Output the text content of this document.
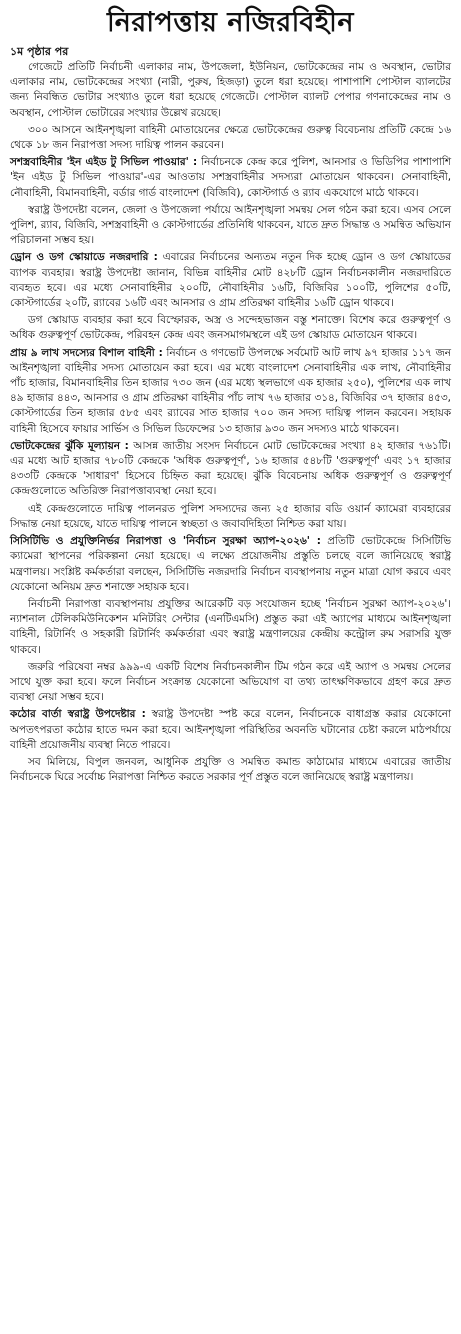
নিরাপত্তায় নজিরবিহীন
১ম পৃষ্ঠার পর

গেজেটে প্রতিটি নির্বাচনী এলাকার নাম, উপজেলা, ইউনিয়ন, ভোটকেন্দ্রের নাম ও অবস্থান, ভোটার এলাকার নাম, ভোটকেন্দ্রের সংখ্যা (নারী, পুরুষ, হিজড়া) তুলে ধরা হয়েছে। পাশাপাশি পোস্টাল ব্যালটের জন্য নিবন্ধিত ভোটার সংখ্যাও তুলে ধরা হয়েছে গেজেটে। পোস্টাল ব্যালট পেপার গণনাকেন্দ্রের নাম ও অবস্থান, পোস্টাল ভোটারের সংখ্যার উল্লেখ রয়েছে।

৩০০ আসনে আইনশৃঙ্খলা বাহিনী মোতায়েনের ক্ষেত্রে ভোটকেন্দ্রের গুরুত্ব বিবেচনায় প্রতিটি কেন্দ্রে ১৬ থেকে ১৮ জন নিরাপত্তা সদস্য দায়িত্ব পালন করবেন।

সশস্ত্রবাহিনীর 'ইন এইড টু সিভিল পাওয়ার' : নির্বাচনকে কেন্দ্র করে পুলিশ, আনসার ও ভিডিপির পাশাপাশি 'ইন এইড টু সিভিল পাওয়ার'-এর আওতায় সশস্ত্রবাহিনীর সদস্যরা মোতায়েন থাকবেন। সেনাবাহিনী, নৌবাহিনী, বিমানবাহিনী, বর্ডার গার্ড বাংলাদেশ (বিজিবি), কোস্টগার্ড ও র‌্যাব একযোগে মাঠে থাকবে।

স্বরাষ্ট্র উপদেষ্টা বলেন, জেলা ও উপজেলা পর্যায়ে আইনশৃঙ্খলা সমন্বয় সেল গঠন করা হবে। এসব সেলে পুলিশ, র‌্যাব, বিজিবি, সশস্ত্রবাহিনী ও কোস্টগার্ডের প্রতিনিধি থাকবেন, যাতে দ্রুত সিদ্ধান্ত ও সমন্বিত অভিযান পরিচালনা সম্ভব হয়।

ড্রোন ও ডগ স্কোয়াডে নজরদারি : এবারের নির্বাচনের অন্যতম নতুন দিক হচ্ছে ড্রোন ও ডগ স্কোয়াডের ব্যাপক ব্যবহার। স্বরাষ্ট্র উপদেষ্টা জানান, বিভিন্ন বাহিনীর মোট ৪২৮টি ড্রোন নির্বাচনকালীন নজরদারিতে ব্যবহৃত হবে। এর মধ্যে সেনাবাহিনীর ২০০টি, নৌবাহিনীর ১৬টি, বিজিবির ১০০টি, পুলিশের ৫০টি, কোস্টগার্ডের ২০টি, র‌্যাবের ১৬টি এবং আনসার ও গ্রাম প্রতিরক্ষা বাহিনীর ১৬টি ড্রোন থাকবে।

ডগ স্কোয়াড ব্যবহার করা হবে বিস্ফোরক, অস্ত্র ও সন্দেহভাজন বস্তু শনাক্তে। বিশেষ করে গুরুত্বপূর্ণ ও অধিক গুরুত্বপূর্ণ ভোটকেন্দ্র, পরিবহন কেন্দ্র এবং জনসমাগমস্থলে এই ডগ স্কোয়াড মোতায়েন থাকবে।

প্রায় ৯ লাখ সদস্যের বিশাল বাহিনী : নির্বাচন ও গণভোট উপলক্ষে সর্বমোট আট লাখ ৯৭ হাজার ১১৭ জন আইনশৃঙ্খলা বাহিনীর সদস্য মোতায়েন করা হবে। এর মধ্যে বাংলাদেশ সেনাবাহিনীর এক লাখ, নৌবাহিনীর পাঁচ হাজার, বিমানবাহিনীর তিন হাজার ৭৩০ জন (এর মধ্যে স্থলভাগে এক হাজার ২৫০), পুলিশের এক লাখ ৪৯ হাজার ৪৪৩, আনসার ও গ্রাম প্রতিরক্ষা বাহিনীর পাঁচ লাখ ৭৬ হাজার ৩১৪, বিজিবির ৩৭ হাজার ৪৫৩, কোস্টগার্ডের তিন হাজার ৫৮৫ এবং র‌্যাবের সাত হাজার ৭০০ জন সদস্য দায়িত্ব পালন করবেন। সহায়ক বাহিনী হিসেবে ফায়ার সার্ভিস ও সিভিল ডিফেন্সের ১৩ হাজার ৯৩০ জন সদস্যও মাঠে থাকবেন।

ভোটকেন্দ্রের ঝুঁকি মূল্যায়ন : আসন্ন জাতীয় সংসদ নির্বাচনে মোট ভোটকেন্দ্রের সংখ্যা ৪২ হাজার ৭৬১টি। এর মধ্যে আট হাজার ৭৮০টি কেন্দ্রকে 'অধিক গুরুত্বপূর্ণ', ১৬ হাজার ৫৪৮টি 'গুরুত্বপূর্ণ' এবং ১৭ হাজার ৪৩৩টি কেন্দ্রকে 'সাধারণ' হিসেবে চিহ্নিত করা হয়েছে। ঝুঁকি বিবেচনায় অধিক গুরুত্বপূর্ণ ও গুরুত্বপূর্ণ কেন্দ্রগুলোতে অতিরিক্ত নিরাপত্তাব্যবস্থা নেয়া হবে।

এই কেন্দ্রগুলোতে দায়িত্ব পালনরত পুলিশ সদস্যদের জন্য ২৫ হাজার বডি ওয়ার্ন ক্যামেরা ব্যবহারের সিদ্ধান্ত নেয়া হয়েছে, যাতে দায়িত্ব পালনে স্বচ্ছতা ও জবাবদিহিতা নিশ্চিত করা যায়।

সিসিটিভি ও প্রযুক্তিনির্ভর নিরাপত্তা ও 'নির্বাচন সুরক্ষা অ্যাপ-২০২৬' : প্রতিটি ভোটকেন্দ্রে সিসিটিভি ক্যামেরা স্থাপনের পরিকল্পনা নেয়া হয়েছে। এ লক্ষ্যে প্রয়োজনীয় প্রস্তুতি চলছে বলে জানিয়েছে স্বরাষ্ট্র মন্ত্রণালয়। সংশ্লিষ্ট কর্মকর্তারা বলছেন, সিসিটিভি নজরদারি নির্বাচন ব্যবস্থাপনায় নতুন মাত্রা যোগ করবে এবং যেকোনো অনিয়ম দ্রুত শনাক্তে সহায়ক হবে।

নির্বাচনী নিরাপত্তা ব্যবস্থাপনায় প্রযুক্তির আরেকটি বড় সংযোজন হচ্ছে 'নির্বাচন সুরক্ষা অ্যাপ-২০২৬'। ন্যাশনাল টেলিকমিউনিকেশন মনিটরিং সেন্টার (এনটিএমসি) প্রস্তুত করা এই অ্যাপের মাধ্যমে আইনশৃঙ্খলা বাহিনী, রিটার্নিং ও সহকারী রিটার্নিং কর্মকর্তারা এবং স্বরাষ্ট্র মন্ত্রণালয়ের কেন্দ্রীয় কন্ট্রোল রুম সরাসরি যুক্ত থাকবে।

জরুরি পরিষেবা নম্বর ৯৯৯-এ একটি বিশেষ নির্বাচনকালীন টিম গঠন করে এই অ্যাপ ও সমন্বয় সেলের সাথে যুক্ত করা হবে। ফলে নির্বাচন সংক্রান্ত যেকোনো অভিযোগ বা তথ্য তাৎক্ষণিকভাবে গ্রহণ করে দ্রুত ব্যবস্থা নেয়া সম্ভব হবে।

কঠোর বার্তা স্বরাষ্ট্র উপদেষ্টার : স্বরাষ্ট্র উপদেষ্টা স্পষ্ট করে বলেন, নির্বাচনকে বাধাগ্রস্ত করার যেকোনো অপতৎপরতা কঠোর হাতে দমন করা হবে। আইনশৃঙ্খলা পরিস্থিতির অবনতি ঘটানোর চেষ্টা করলে মাঠপর্যায়ে বাহিনী প্রয়োজনীয় ব্যবস্থা নিতে পারবে।

সব মিলিয়ে, বিপুল জনবল, আধুনিক প্রযুক্তি ও সমন্বিত কমান্ড কাঠামোর মাধ্যমে এবারের জাতীয় নির্বাচনকে ঘিরে সর্বোচ্চ নিরাপত্তা নিশ্চিত করতে সরকার পূর্ণ প্রস্তুত বলে জানিয়েছে স্বরাষ্ট্র মন্ত্রণালয়।
